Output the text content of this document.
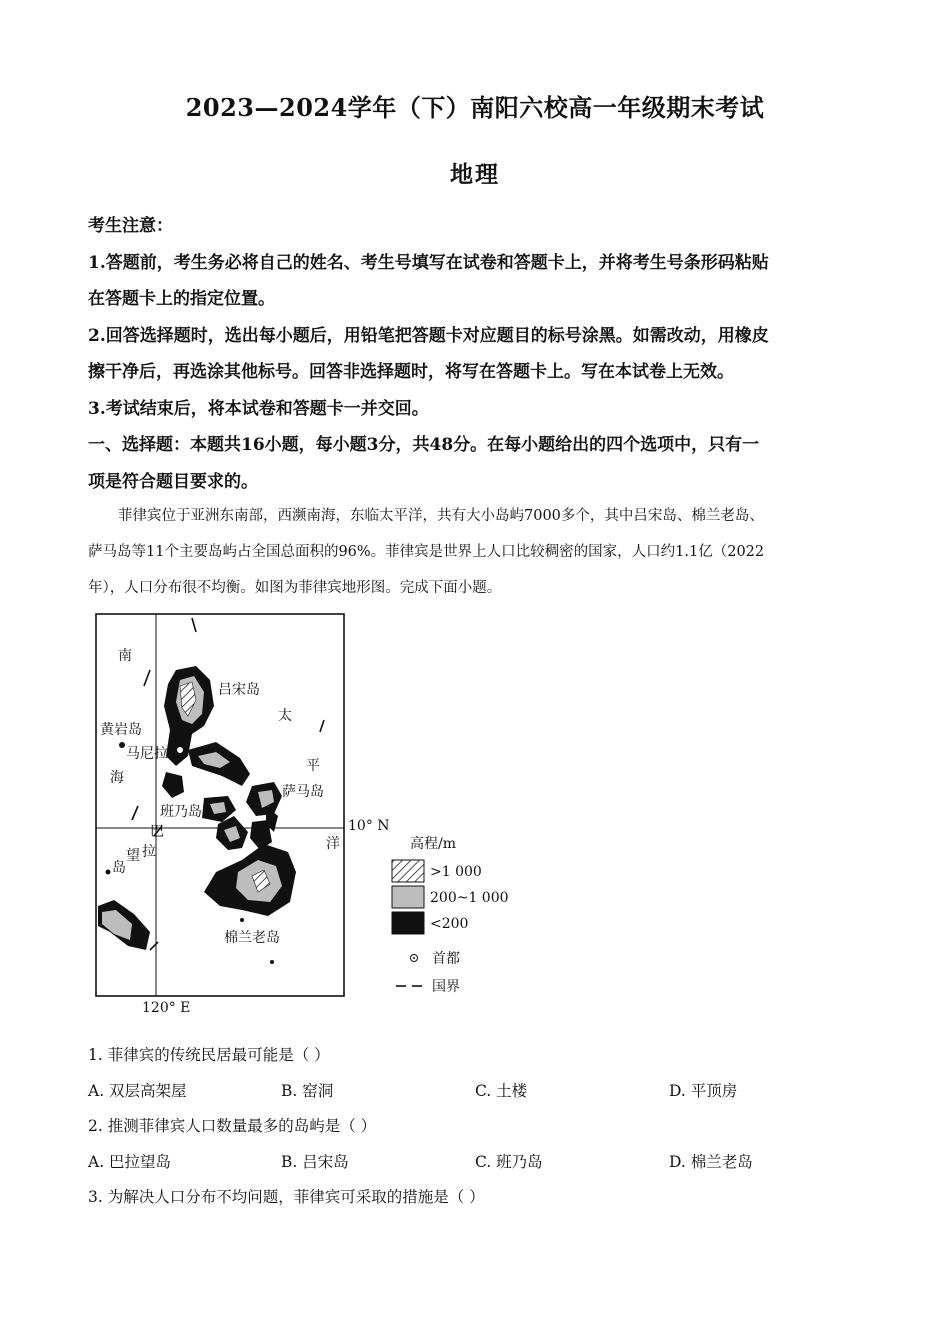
2023—2024学年（下）南阳六校高一年级期末考试
地理

考生注意：

1.答题前，考生务必将自己的姓名、考生号填写在试卷和答题卡上，并将考生号条形码粘贴

在答题卡上的指定位置。

2.回答选择题时，选出每小题后，用铅笔把答题卡对应题目的标号涂黑。如需改动，用橡皮

擦干净后，再选涂其他标号。回答非选择题时，将写在答题卡上。写在本试卷上无效。

3.考试结束后，将本试卷和答题卡一并交回。

一、选择题：本题共16小题，每小题3分，共48分。在每小题给出的四个选项中，只有一

项是符合题目要求的。

菲律宾位于亚洲东南部，西濒南海，东临太平洋，共有大小岛屿7000多个，其中吕宋岛、棉兰老岛、

萨马岛等11个主要岛屿占全国总面积的96%。菲律宾是世界上人口比较稠密的国家，人口约1.1亿（2022
年），人口分布很不均衡。如图为菲律宾地形图。完成下面小题。
南
海
黄岩岛
马尼拉
吕宋岛
太
平
洋
萨马岛
班乃岛
巴
拉
望
岛
棉兰老岛
10° N
120° E
高程/m
>1 000
200~1 000
<200
首都
国界
1. 菲律宾的传统民居最可能是（ ）
A. 双层高架屋	B. 窑洞	C. 土楼	D. 平顶房
2. 推测菲律宾人口数量最多的岛屿是（ ）
A. 巴拉望岛	B. 吕宋岛	C. 班乃岛	D. 棉兰老岛
3. 为解决人口分布不均问题，菲律宾可采取的措施是（ ）
